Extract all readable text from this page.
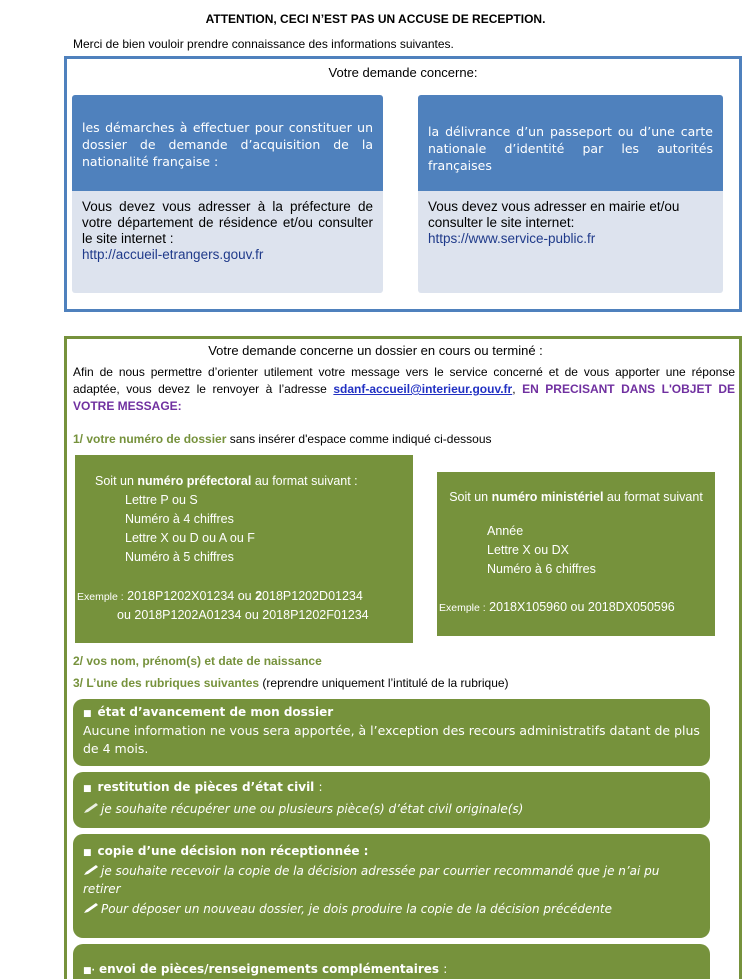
ATTENTION, CECI N’EST PAS UN ACCUSE DE RECEPTION.
Merci de bien vouloir prendre connaissance des informations suivantes.
Votre demande concerne:
les démarches à effectuer pour constituer un dossier de demande d’acquisition de la nationalité française :
Vous devez vous adresser à la préfecture de votre département de résidence et/ou consulter le site internet :
http://accueil-etrangers.gouv.fr
la délivrance d’un passeport ou d’une carte nationale d’identité par les autorités françaises
Vous devez vous adresser en mairie et/ou consulter le site internet:
https://www.service-public.fr
Votre demande concerne un dossier en cours ou terminé :
Afin de nous permettre d’orienter utilement votre message vers le service concerné et de vous apporter une réponse adaptée, vous devez le renvoyer à l’adresse sdanf-accueil@interieur.gouv.fr, EN PRECISANT DANS L'OBJET DE VOTRE MESSAGE:
1/ votre numéro de dossier sans insérer d'espace comme indiqué ci-dessous
Soit un numéro préfectoral au format suivant :
Lettre P ou S
Numéro à 4 chiffres
Lettre X ou D ou A ou F
Numéro à 5 chiffres
Exemple : 2018P1202X01234 ou 2018P1202D01234
ou 2018P1202A01234 ou 2018P1202F01234
Soit un numéro ministériel au format suivant
Année
Lettre X ou DX
Numéro à 6 chiffres
Exemple : 2018X105960 ou 2018DX050596
2/ vos nom, prénom(s) et date de naissance
3/ L’une des rubriques suivantes (reprendre uniquement l’intitulé de la rubrique)
■ état d’avancement de mon dossier
Aucune information ne vous sera apportée, à l’exception des recours administratifs datant de plus de 4 mois.
■ restitution de pièces d’état civil :
je souhaite récupérer une ou plusieurs pièce(s) d’état civil originale(s)
■ copie d’une décision non réceptionnée :
je souhaite recevoir la copie de la décision adressée par courrier recommandé que je n’ai pu retirer
Pour déposer un nouveau dossier, je dois produire la copie de la décision précédente
■· envoi de pièces/renseignements complémentaires :
